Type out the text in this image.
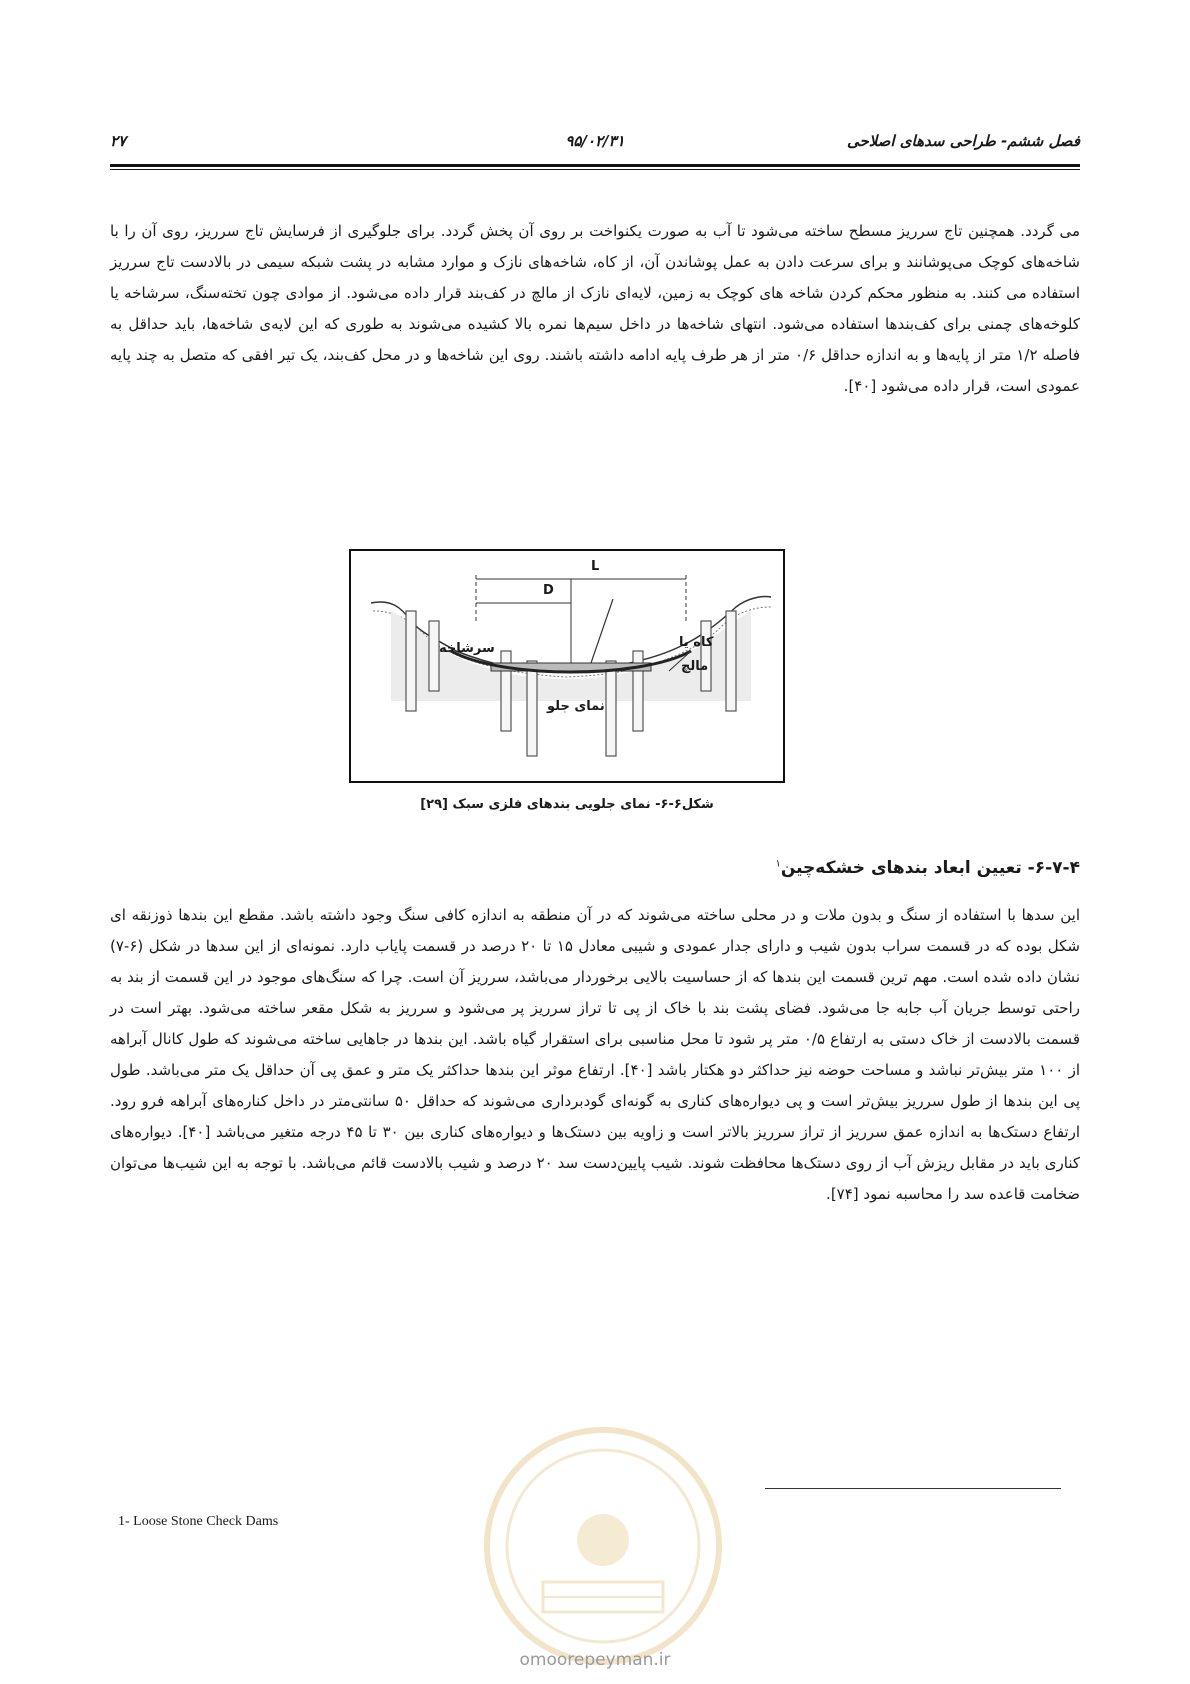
فصل ششم- طراحی سدهای اصلاحی
۹۵/۰۲/۳۱
۲۷

می گردد. همچنین تاج سرریز مسطح ساخته می‌شود تا آب به صورت یکنواخت بر روی آن پخش گردد. برای جلوگیری از فرسایش تاج سرریز، روی آن را با شاخه‌های کوچک می‌پوشانند و برای سرعت دادن به عمل پوشاندن آن، از کاه، شاخه‌های نازک و موارد مشابه در پشت شبکه سیمی در بالادست تاج سرریز استفاده می کنند. به منظور محکم کردن شاخه های کوچک به زمین، لایه‌ای نازک از مالچ در کف‌بند قرار داده می‌شود. از موادی چون تخته‌سنگ، سرشاخه یا کلوخه‌های چمنی برای کف‌بندها استفاده می‌شود. انتهای شاخه‌ها در داخل سیم‌ها نمره بالا کشیده می‌شوند به طوری که این لایه‌ی شاخه‌ها، باید حداقل به فاصله ۱/۲ متر از پایه‌ها و به اندازه حداقل ۰/۶ متر از هر طرف پایه ادامه داشته باشند. روی این شاخه‌ها و در محل کف‌بند، یک تیر افقی که متصل به چند پایه عمودی است، قرار داده می‌شود [۴۰].

L
D
سرشاخه	کاه یا
مالچ
نمای جلو
شکل۶-۶- نمای جلویی بندهای فلزی سبک [۲۹]
۶-۷-۴- تعیین ابعاد بندهای خشکه‌چین$^۱$

این سدها با استفاده از سنگ و بدون ملات و در محلی ساخته می‌شوند که در آن منطقه به اندازه کافی سنگ وجود داشته باشد. مقطع این بندها ذوزنقه ای شکل بوده که در قسمت سراب بدون شیب و دارای جدار عمودی و شیبی معادل ۱۵ تا ۲۰ درصد در قسمت پایاب دارد. نمونه‌ای از این سدها در شکل (۶-۷) نشان داده شده است. مهم ترین قسمت این بندها که از حساسیت بالایی برخوردار می‌باشد، سرریز آن است. چرا که سنگ‌های موجود در این قسمت از بند به راحتی توسط جریان آب جابه جا می‌شود. فضای پشت بند با خاک از پی تا تراز سرریز پر می‌شود و سرریز به شکل مقعر ساخته می‌شود. بهتر است در قسمت بالادست از خاک دستی به ارتفاع ۰/۵ متر پر شود تا محل مناسبی برای استقرار گیاه باشد. این بندها در جاهایی ساخته می‌شوند که طول کانال آبراهه از ۱۰۰ متر بیش‌تر نباشد و مساحت حوضه نیز حداکثر دو هکتار باشد [۴۰]. ارتفاع موثر این بندها حداکثر یک متر و عمق پی آن حداقل یک متر می‌باشد. طول پی این بندها از طول سرریز بیش‌تر است و پی دیواره‌های کناری به گونه‌ای گودبرداری می‌شوند که حداقل ۵۰ سانتی‌متر در داخل کناره‌های آبراهه فرو رود. ارتفاع دستک‌ها به اندازه عمق سرریز از تراز سرریز بالاتر است و زاویه بین دستک‌ها و دیواره‌های کناری بین ۳۰ تا ۴۵ درجه متغیر می‌باشد [۴۰]. دیواره‌های کناری باید در مقابل ریزش آب از روی دستک‌ها محافظت شوند. شیب پایین‌دست سد ۲۰ درصد و شیب بالادست قائم می‌باشد. با توجه به این شیب‌ها می‌توان ضخامت قاعده سد را محاسبه نمود [۷۴].

1- Loose Stone Check Dams
omoorepeyman.ir
